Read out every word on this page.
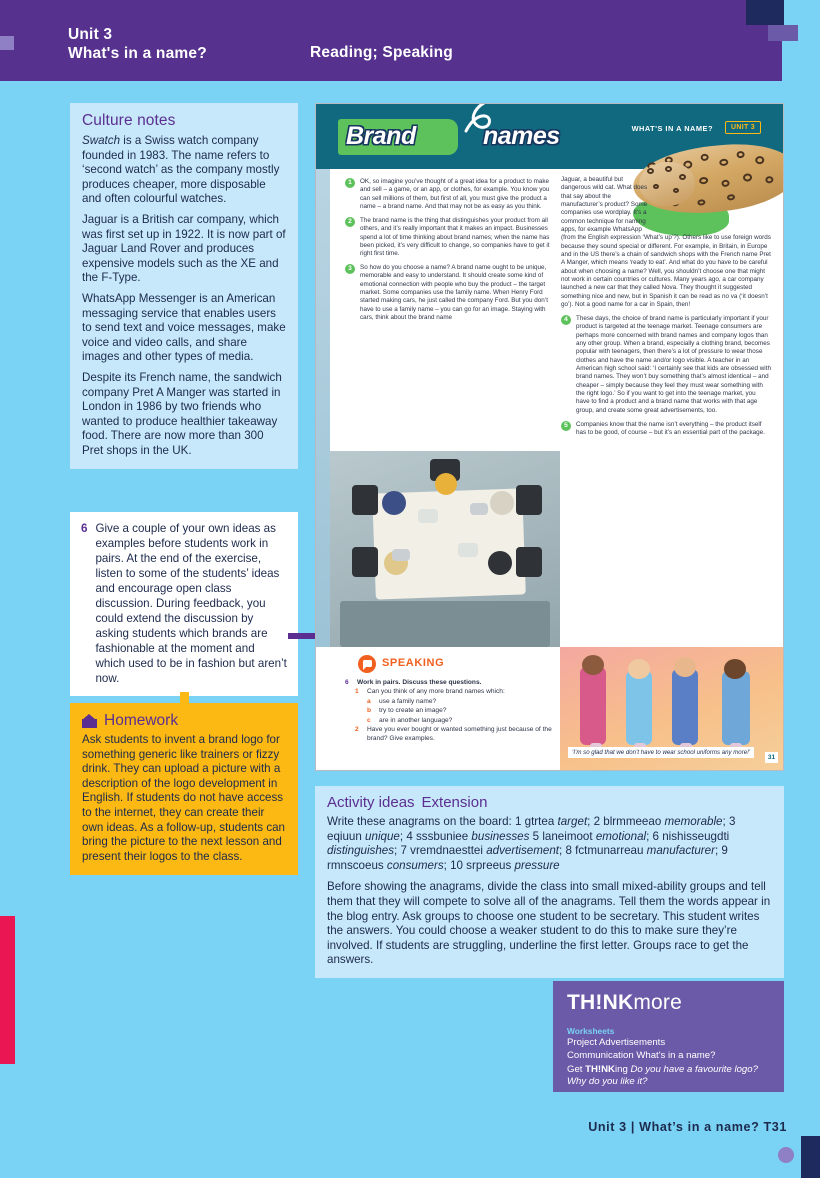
Unit 3
What's in a name?	Reading; Speaking
Culture notes

Swatch is a Swiss watch company founded in 1983. The name refers to ‘second watch’ as the company mostly produces cheaper, more disposable and often colourful watches.

Jaguar is a British car company, which was first set up in 1922. It is now part of Jaguar Land Rover and produces expensive models such as the XE and the F-Type.

WhatsApp Messenger is an American messaging service that enables users to send text and voice messages, make voice and video calls, and share images and other types of media.

Despite its French name, the sandwich company Pret A Manger was started in London in 1986 by two friends who wanted to produce healthier takeaway food. There are now more than 300 Pret shops in the UK.

6 Give a couple of your own ideas as examples before students work in pairs. At the end of the exercise, listen to some of the students’ ideas and encourage open class discussion. During feedback, you could extend the discussion by asking students which brands are fashionable at the moment and which used to be in fashion but aren’t now.
Homework

Ask students to invent a brand logo for something generic like trainers or fizzy drink. They can upload a picture with a description of the logo development in English. If students do not have access to the internet, they can create their own ideas. As a follow-up, students can bring the picture to the next lesson and present their logos to the class.

Brand	names	WHAT'S IN A NAME?	UNIT 3
1	OK, so imagine you’ve thought of a great idea for a product to make and sell – a game, or an app, or clothes, for example. You know you can sell millions of them, but first of all, you must give the product a name – a brand name. And that may not be as easy as you think.
2	The brand name is the thing that distinguishes your product from all others, and it’s really important that it makes an impact. Businesses spend a lot of time thinking about brand names; when the name has been picked, it’s very difficult to change, so companies have to get it right first time.
3	So how do you choose a name? A brand name ought to be unique, memorable and easy to understand. It should create some kind of emotional connection with people who buy the product – the target market. Some companies use the family name. When Henry Ford started making cars, he just called the company Ford. But you don’t have to use a family name – you can go for an image. Staying with cars, think about the brand name
Jaguar, a beautiful but dangerous wild cat. What does that say about the manufacturer’s product? Some companies use wordplay. It’s a common technique for naming apps, for example WhatsApp (from the English expression ‘What’s up’?). Others like to use foreign words because they sound special or different. For example, in Britain, in Europe and in the US there’s a chain of sandwich shops with the French name Pret A Manger, which means ‘ready to eat’. And what do you have to be careful about when choosing a name? Well, you shouldn’t choose one that might not work in certain countries or cultures. Many years ago, a car company launched a new car that they called Nova. They thought it suggested something nice and new, but in Spanish it can be read as no va (‘it doesn’t go’). Not a good name for a car in Spain, then!
4	These days, the choice of brand name is particularly important if your product is targeted at the teenage market. Teenage consumers are perhaps more concerned with brand names and company logos than any other group. When a brand, especially a clothing brand, becomes popular with teenagers, then there’s a lot of pressure to wear those clothes and have the name and/or logo visible. A teacher in an American high school said: ‘I certainly see that kids are obsessed with brand names. They won’t buy something that’s almost identical – and cheaper – simply because they feel they must wear something with the right logo.’ So if you want to get into the teenage market, you have to find a product and a brand name that works with that age group, and create some great advertisements, too.
5	Companies know that the name isn’t everything – the product itself has to be good, of course – but it’s an essential part of the package.
SPEAKING
6	Work in pairs. Discuss these questions.
1	Can you think of any more brand names which:
a	use a family name?
b	try to create an image?
c	are in another language?
2	Have you ever bought or wanted something just because of the brand? Give examples.
‘I’m so glad that we don’t have to wear school uniforms any more!’
31
Activity ideas Extension

Write these anagrams on the board: 1 gtrtea target; 2 blrmmeeao memorable; 3 eqiuun unique; 4 sssbuniee businesses 5 laneimoot emotional; 6 nishisseugdti distinguishes; 7 vremdnaesttei advertisement; 8 fctmunarreau manufacturer; 9 rmnscoeus consumers; 10 srpreeus pressure

Before showing the anagrams, divide the class into small mixed-ability groups and tell them that they will compete to solve all of the anagrams. Tell them the words appear in the blog entry. Ask groups to choose one student to be secretary. This student writes the answers. You could choose a weaker student to do this to make sure they’re involved. If students are struggling, underline the first letter. Groups race to get the answers.

TH!NKmore
Worksheets
Project Advertisements
Communication What's in a name?
Get TH!NKing Do you have a favourite logo? Why do you like it?
Unit 3 | What’s in a name? T31
